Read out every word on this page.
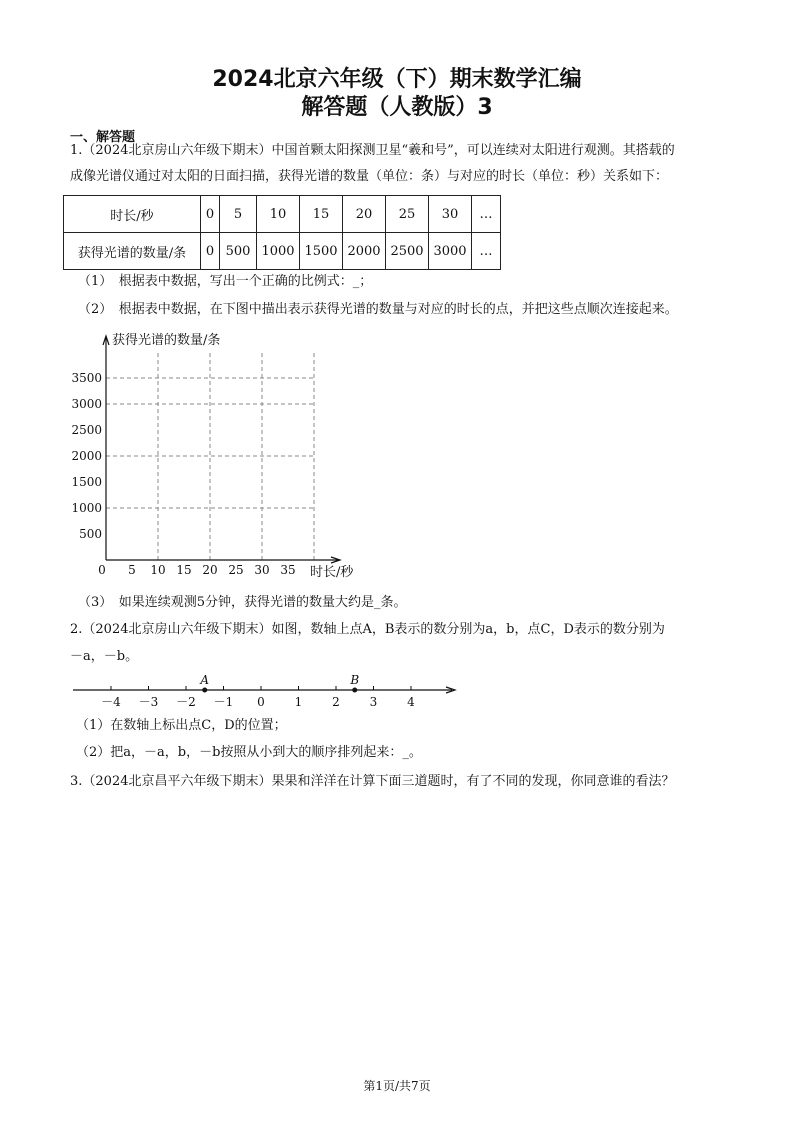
2024北京六年级（下）期末数学汇编
解答题（人教版）3
一、解答题
1.（2024北京房山六年级下期末）中国首颗太阳探测卫星“羲和号”，可以连续对太阳进行观测。其搭载的
成像光谱仪通过对太阳的日面扫描，获得光谱的数量（单位：条）与对应的时长（单位：秒）关系如下：
时长/秒	0	5	10	15	20	25	30	…
获得光谱的数量/条	0	500	1000	1500	2000	2500	3000	…
（1）　根据表中数据，写出一个正确的比例式：_；
（2）　根据表中数据，在下图中描出表示获得光谱的数量与对应的时长的点，并把这些点顺次连接起来。
获得光谱的数量/条
时长/秒
0 5 10 15 20 25 30 35
500
1000
1500
2000
2500
3000
3500
（3）　如果连续观测5分钟，获得光谱的数量大约是_条。
2.（2024北京房山六年级下期末）如图，数轴上点A，B表示的数分别为a，b，点C，D表示的数分别为
－a，－b。
－4 －3 －2 －1 0 1 2 3 4
A	B
（1）在数轴上标出点C，D的位置；
（2）把a，－a，b，－b按照从小到大的顺序排列起来：_。
3.（2024北京昌平六年级下期末）果果和洋洋在计算下面三道题时，有了不同的发现，你同意谁的看法？
第1页/共7页
